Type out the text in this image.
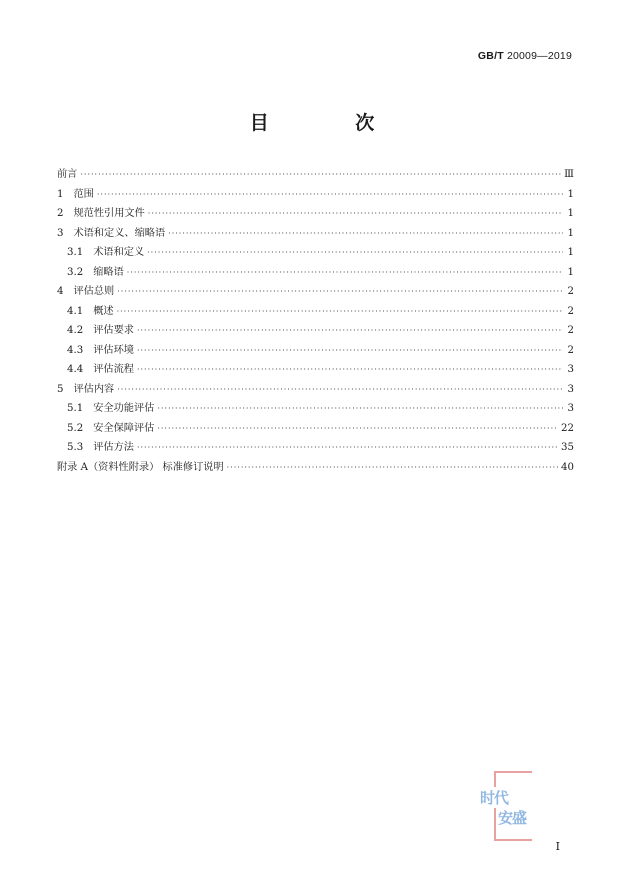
GB/T 20009—2019
目 次
前言 ·····	Ⅲ
1 范围 ·····	1
2 规范性引用文件 ·····	1
3 术语和定义、缩略语 ·····	1
3.1 术语和定义 ·····	1
3.2 缩略语 ·····	1
4 评估总则 ·····	2
4.1 概述 ·····	2
4.2 评估要求 ·····	2
4.3 评估环境 ·····	2
4.4 评估流程 ·····	3
5 评估内容 ·····	3
5.1 安全功能评估 ·····	3
5.2 安全保障评估 ·····	22
5.3 评估方法 ·····	35
附录 A（资料性附录） 标准修订说明 ·····	40
时代
安盛
I
